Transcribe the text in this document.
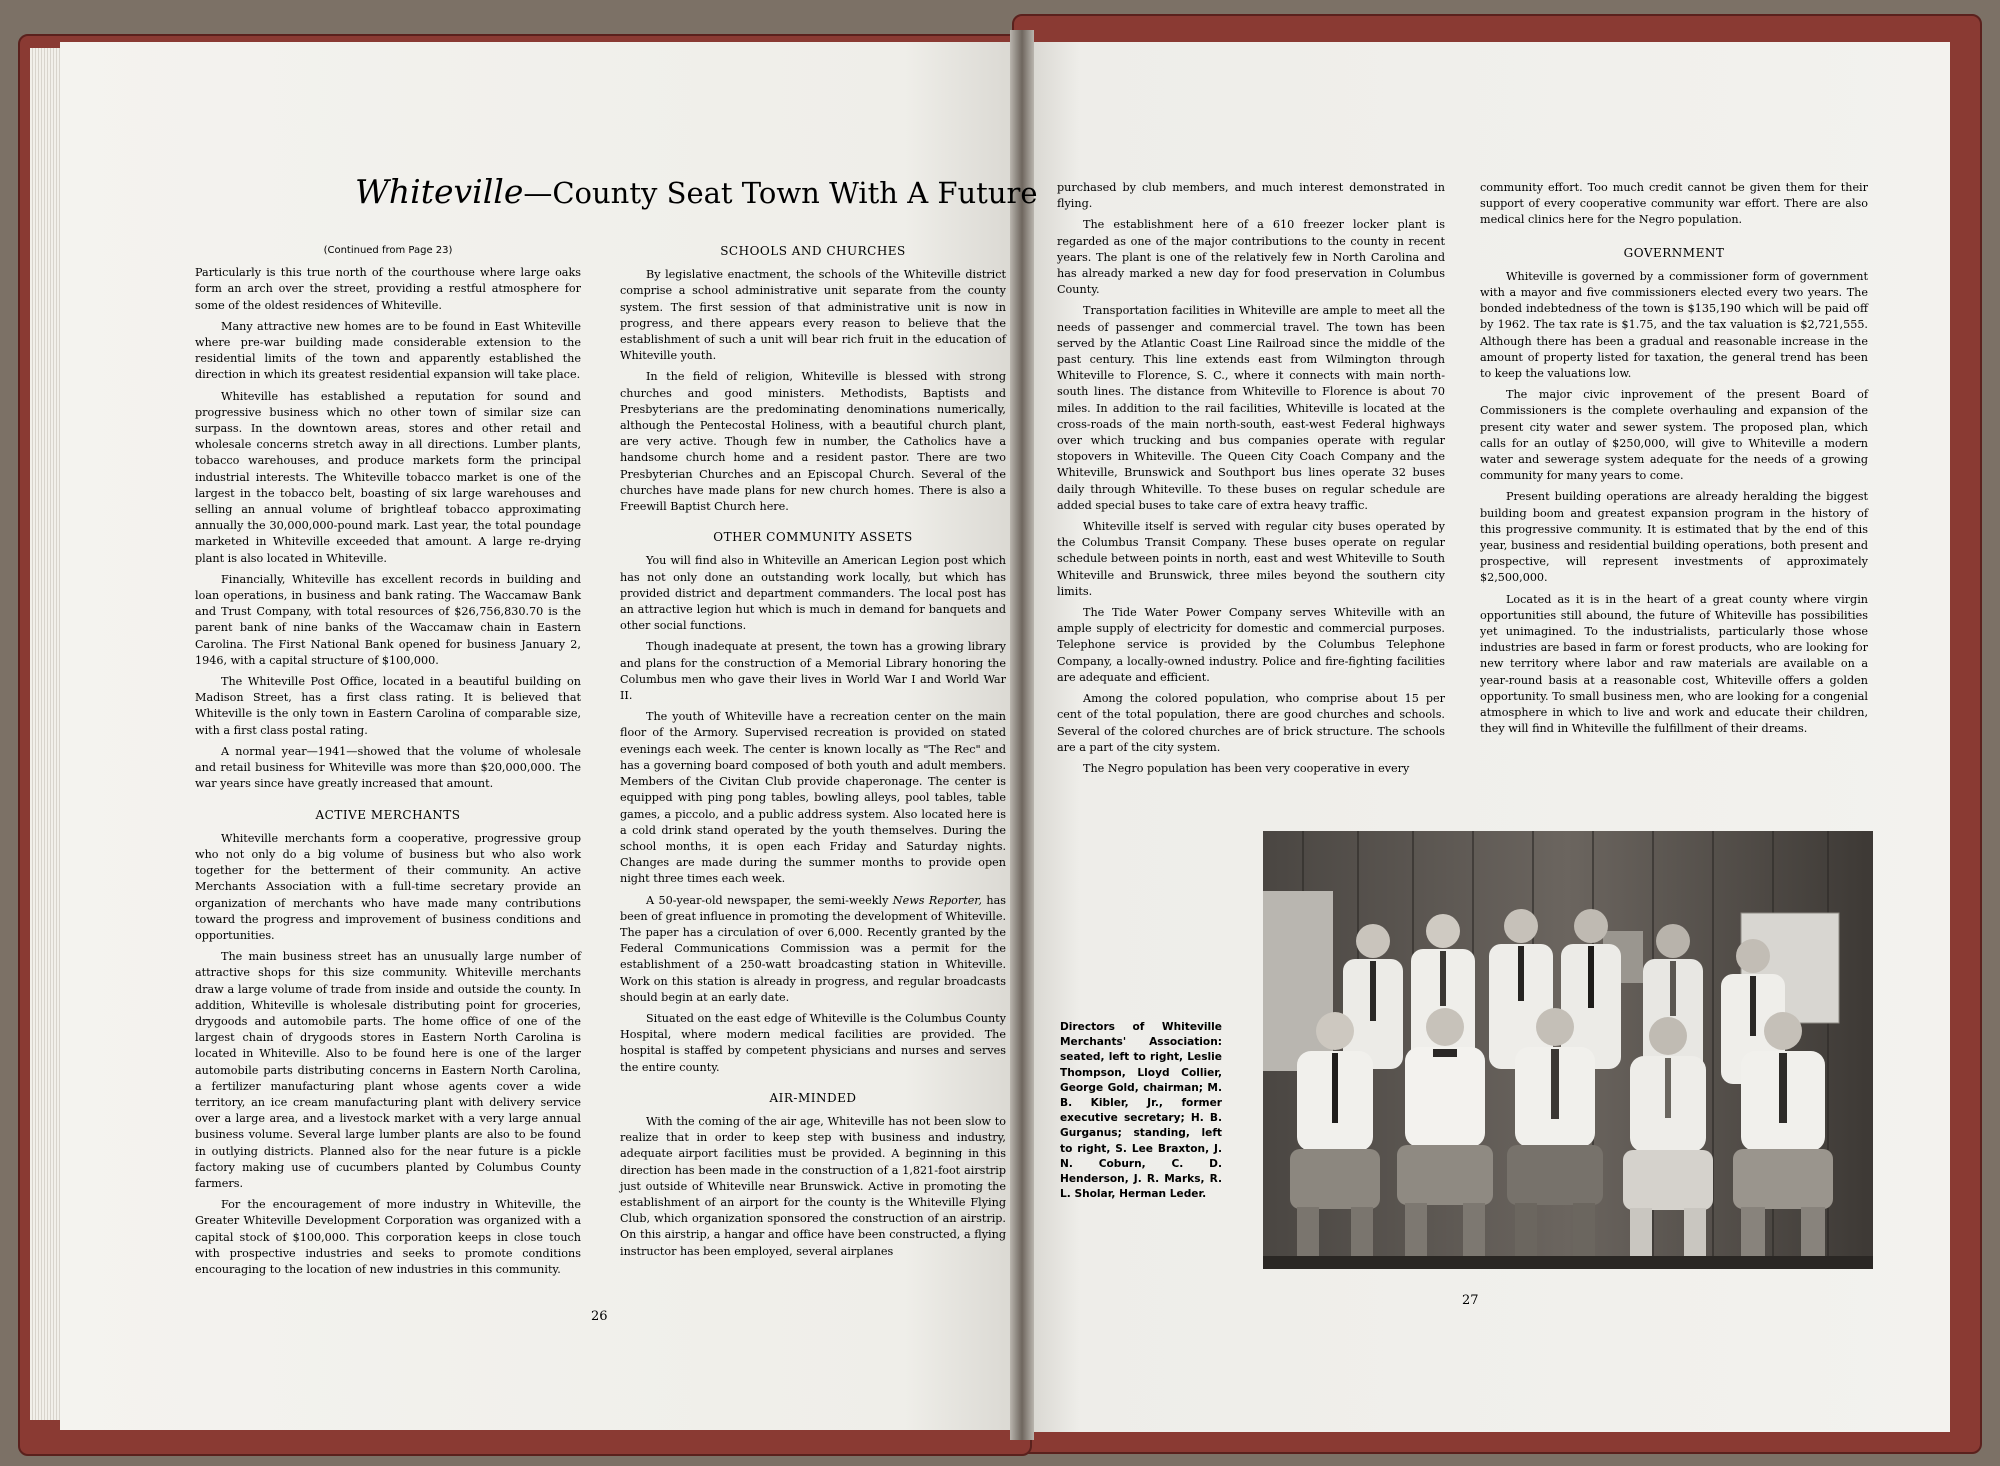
Whiteville—County Seat Town With A Future
(Continued from Page 23)

Particularly is this true north of the courthouse where large oaks form an arch over the street, providing a restful atmosphere for some of the oldest residences of Whiteville.

Many attractive new homes are to be found in East Whiteville where pre-war building made considerable extension to the residential limits of the town and apparently established the direction in which its greatest residential expansion will take place.

Whiteville has established a reputation for sound and progressive business which no other town of similar size can surpass. In the downtown areas, stores and other retail and wholesale concerns stretch away in all directions. Lumber plants, tobacco warehouses, and produce markets form the principal industrial interests. The Whiteville tobacco market is one of the largest in the tobacco belt, boasting of six large warehouses and selling an annual volume of brightleaf tobacco approximating annually the 30,000,000-pound mark. Last year, the total poundage marketed in Whiteville exceeded that amount. A large re-drying plant is also located in Whiteville.

Financially, Whiteville has excellent records in building and loan operations, in business and bank rating. The Waccamaw Bank and Trust Company, with total resources of $26,756,830.70 is the parent bank of nine banks of the Waccamaw chain in Eastern Carolina. The First National Bank opened for business January 2, 1946, with a capital structure of $100,000.

The Whiteville Post Office, located in a beautiful building on Madison Street, has a first class rating. It is believed that Whiteville is the only town in Eastern Carolina of comparable size, with a first class postal rating.

A normal year—1941—showed that the volume of wholesale and retail business for Whiteville was more than $20,000,000. The war years since have greatly increased that amount.

ACTIVE MERCHANTS

Whiteville merchants form a cooperative, progressive group who not only do a big volume of business but who also work together for the betterment of their community. An active Merchants Association with a full-time secretary provide an organization of merchants who have made many contributions toward the progress and improvement of business conditions and opportunities.

The main business street has an unusually large number of attractive shops for this size community. Whiteville merchants draw a large volume of trade from inside and outside the county. In addition, Whiteville is wholesale distributing point for groceries, drygoods and automobile parts. The home office of one of the largest chain of drygoods stores in Eastern North Carolina is located in Whiteville. Also to be found here is one of the larger automobile parts distributing concerns in Eastern North Carolina, a fertilizer manufacturing plant whose agents cover a wide territory, an ice cream manufacturing plant with delivery service over a large area, and a livestock market with a very large annual business volume. Several large lumber plants are also to be found in outlying districts. Planned also for the near future is a pickle factory making use of cucumbers planted by Columbus County farmers.

For the encouragement of more industry in Whiteville, the Greater Whiteville Development Corporation was organized with a capital stock of $100,000. This corporation keeps in close touch with prospective industries and seeks to promote conditions encouraging to the location of new industries in this community.

SCHOOLS AND CHURCHES

By legislative enactment, the schools of the Whiteville district comprise a school administrative unit separate from the county system. The first session of that administrative unit is now in progress, and there appears every reason to believe that the establishment of such a unit will bear rich fruit in the education of Whiteville youth.

In the field of religion, Whiteville is blessed with strong churches and good ministers. Methodists, Baptists and Presbyterians are the predominating denominations numerically, although the Pentecostal Holiness, with a beautiful church plant, are very active. Though few in number, the Catholics have a handsome church home and a resident pastor. There are two Presbyterian Churches and an Episcopal Church. Several of the churches have made plans for new church homes. There is also a Freewill Baptist Church here.

OTHER COMMUNITY ASSETS

You will find also in Whiteville an American Legion post which has not only done an outstanding work locally, but which has provided district and department commanders. The local post has an attractive legion hut which is much in demand for banquets and other social functions.

Though inadequate at present, the town has a growing library and plans for the construction of a Memorial Library honoring the Columbus men who gave their lives in World War I and World War II.

The youth of Whiteville have a recreation center on the main floor of the Armory. Supervised recreation is provided on stated evenings each week. The center is known locally as "The Rec" and has a governing board composed of both youth and adult members. Members of the Civitan Club provide chaperonage. The center is equipped with ping pong tables, bowling alleys, pool tables, table games, a piccolo, and a public address system. Also located here is a cold drink stand operated by the youth themselves. During the school months, it is open each Friday and Saturday nights. Changes are made during the summer months to provide open night three times each week.

A 50-year-old newspaper, the semi-weekly News Reporter, has been of great influence in promoting the development of Whiteville. The paper has a circulation of over 6,000. Recently granted by the Federal Communications Commission was a permit for the establishment of a 250-watt broadcasting station in Whiteville. Work on this station is already in progress, and regular broadcasts should begin at an early date.

Situated on the east edge of Whiteville is the Columbus County Hospital, where modern medical facilities are provided. The hospital is staffed by competent physicians and nurses and serves the entire county.

AIR-MINDED

With the coming of the air age, Whiteville has not been slow to realize that in order to keep step with business and industry, adequate airport facilities must be provided. A beginning in this direction has been made in the construction of a 1,821-foot airstrip just outside of Whiteville near Brunswick. Active in promoting the establishment of an airport for the county is the Whiteville Flying Club, which organization sponsored the construction of an airstrip. On this airstrip, a hangar and office have been constructed, a flying instructor has been employed, several airplanes

purchased by club members, and much interest demonstrated in flying.

The establishment here of a 610 freezer locker plant is regarded as one of the major contributions to the county in recent years. The plant is one of the relatively few in North Carolina and has already marked a new day for food preservation in Columbus County.

Transportation facilities in Whiteville are ample to meet all the needs of passenger and commercial travel. The town has been served by the Atlantic Coast Line Railroad since the middle of the past century. This line extends east from Wilmington through Whiteville to Florence, S. C., where it connects with main north-south lines. The distance from Whiteville to Florence is about 70 miles. In addition to the rail facilities, Whiteville is located at the cross-roads of the main north-south, east-west Federal highways over which trucking and bus companies operate with regular stopovers in Whiteville. The Queen City Coach Company and the Whiteville, Brunswick and Southport bus lines operate 32 buses daily through Whiteville. To these buses on regular schedule are added special buses to take care of extra heavy traffic.

Whiteville itself is served with regular city buses operated by the Columbus Transit Company. These buses operate on regular schedule between points in north, east and west Whiteville to South Whiteville and Brunswick, three miles beyond the southern city limits.

The Tide Water Power Company serves Whiteville with an ample supply of electricity for domestic and commercial purposes. Telephone service is provided by the Columbus Telephone Company, a locally-owned industry. Police and fire-fighting facilities are adequate and efficient.

Among the colored population, who comprise about 15 per cent of the total population, there are good churches and schools. Several of the colored churches are of brick structure. The schools are a part of the city system.

The Negro population has been very cooperative in every

community effort. Too much credit cannot be given them for their support of every cooperative community war effort. There are also medical clinics here for the Negro population.

GOVERNMENT

Whiteville is governed by a commissioner form of government with a mayor and five commissioners elected every two years. The bonded indebtedness of the town is $135,190 which will be paid off by 1962. The tax rate is $1.75, and the tax valuation is $2,721,555. Although there has been a gradual and reasonable increase in the amount of property listed for taxation, the general trend has been to keep the valuations low.

The major civic inprovement of the present Board of Commissioners is the complete overhauling and expansion of the present city water and sewer system. The proposed plan, which calls for an outlay of $250,000, will give to Whiteville a modern water and sewerage system adequate for the needs of a growing community for many years to come.

Present building operations are already heralding the biggest building boom and greatest expansion program in the history of this progressive community. It is estimated that by the end of this year, business and residential building operations, both present and prospective, will represent investments of approximately $2,500,000.

Located as it is in the heart of a great county where virgin opportunities still abound, the future of Whiteville has possibilities yet unimagined. To the industrialists, particularly those whose industries are based in farm or forest products, who are looking for new territory where labor and raw materials are available on a year-round basis at a reasonable cost, Whiteville offers a golden opportunity. To small business men, who are looking for a congenial atmosphere in which to live and work and educate their children, they will find in Whiteville the fulfillment of their dreams.

Directors of Whiteville Merchants' Association: seated, left to right, Leslie Thompson, Lloyd Collier, George Gold, chairman; M. B. Kibler, Jr., former executive secretary; H. B. Gurganus; standing, left to right, S. Lee Braxton, J. N. Coburn, C. D. Henderson, J. R. Marks, R. L. Sholar, Herman Leder.
26
27
